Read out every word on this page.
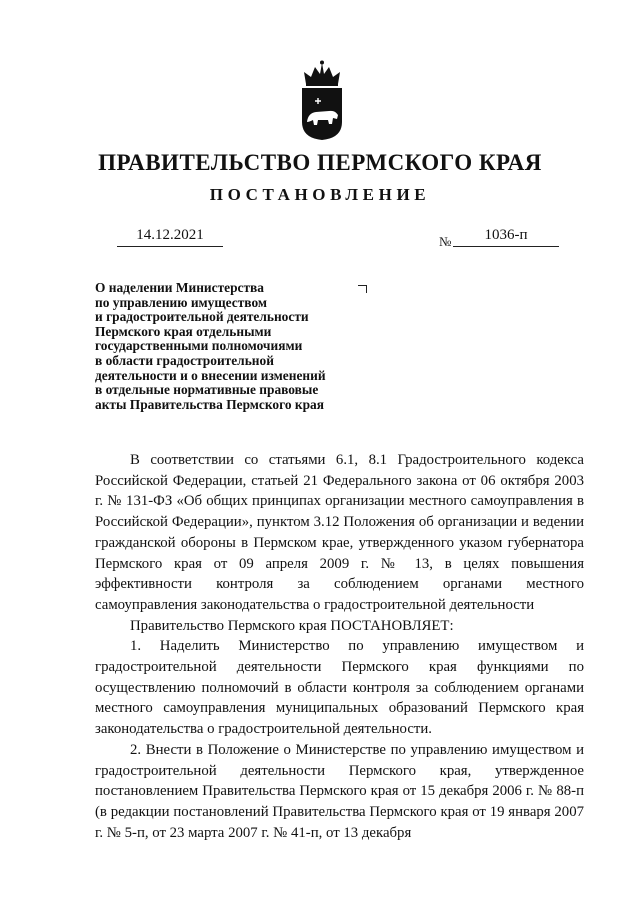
ПРАВИТЕЛЬСТВО ПЕРМСКОГО КРАЯ
ПОСТАНОВЛЕНИЕ
14.12.2021	№	1036-п
О наделении Министерства
по управлению имуществом
и градостроительной деятельности
Пермского края отдельными
государственными полномочиями
в области градостроительной
деятельности и о внесении изменений
в отдельные нормативные правовые
акты Правительства Пермского края

В соответствии со статьями 6.1, 8.1 Градостроительного кодекса Российской Федерации, статьей 21 Федерального закона от 06 октября 2003 г. № 131-ФЗ «Об общих принципах организации местного самоуправления в Российской Федерации», пунктом 3.12 Положения об организации и ведении гражданской обороны в Пермском крае, утвержденного указом губернатора Пермского края от 09 апреля 2009 г. № 13, в целях повышения эффективности контроля за соблюдением органами местного самоуправления законодательства о градостроительной деятельности

Правительство Пермского края ПОСТАНОВЛЯЕТ:

1. Наделить Министерство по управлению имуществом и градостроительной деятельности Пермского края функциями по осуществлению полномочий в области контроля за соблюдением органами местного самоуправления муниципальных образований Пермского края законодательства о градостроительной деятельности.

2. Внести в Положение о Министерстве по управлению имуществом и градостроительной деятельности Пермского края, утвержденное постановлением Правительства Пермского края от 15 декабря 2006 г. № 88-п (в редакции постановлений Правительства Пермского края от 19 января 2007 г. № 5-п, от 23 марта 2007 г. № 41-п, от 13 декабря
